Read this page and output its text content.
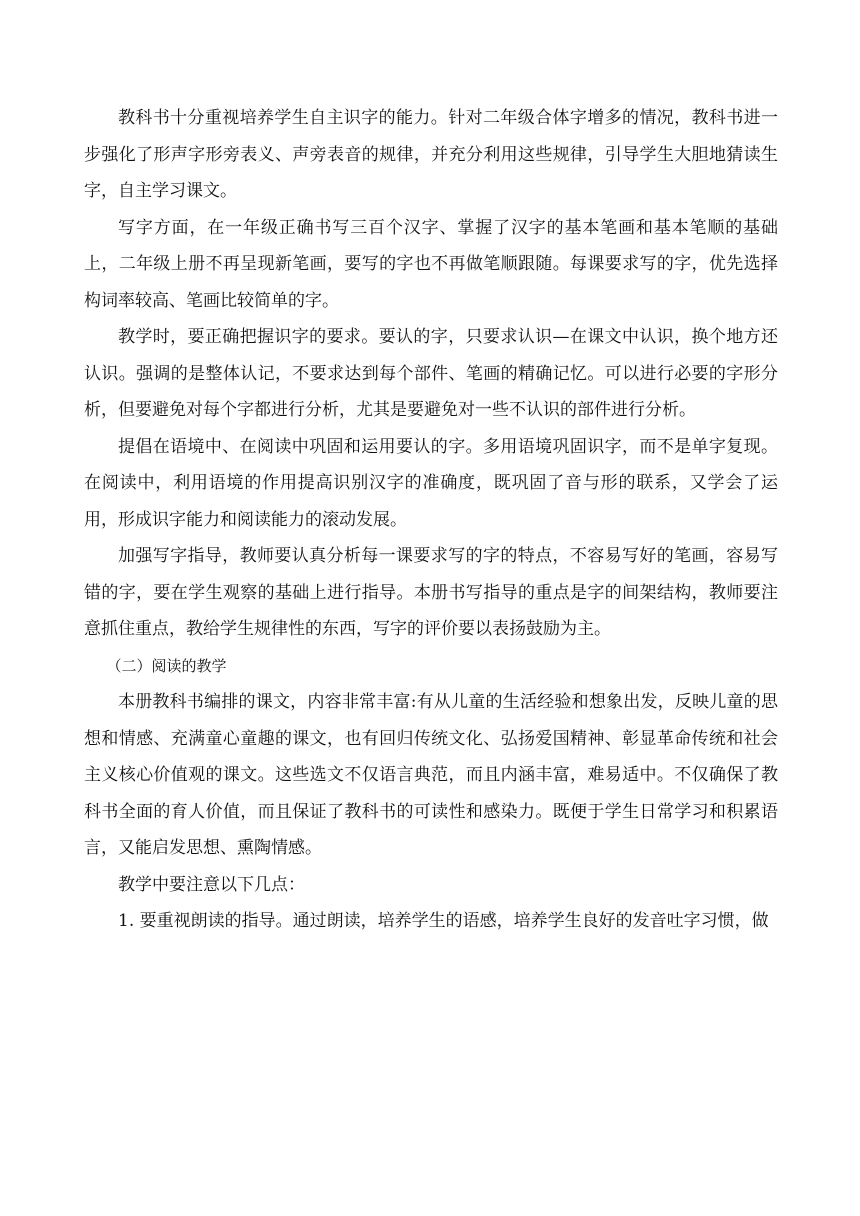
教科书十分重视培养学生自主识字的能力。针对二年级合体字增多的情况，教科书进一步强化了形声字形旁表义、声旁表音的规律，并充分利用这些规律，引导学生大胆地猜读生字，自主学习课文。

写字方面，在一年级正确书写三百个汉字、掌握了汉字的基本笔画和基本笔顺的基础上，二年级上册不再呈现新笔画，要写的字也不再做笔顺跟随。每课要求写的字，优先选择构词率较高、笔画比较简单的字。

教学时，要正确把握识字的要求。要认的字，只要求认识—在课文中认识，换个地方还认识。强调的是整体认记，不要求达到每个部件、笔画的精确记忆。可以进行必要的字形分析，但要避免对每个字都进行分析，尤其是要避免对一些不认识的部件进行分析。

提倡在语境中、在阅读中巩固和运用要认的字。多用语境巩固识字，而不是单字复现。在阅读中，利用语境的作用提高识别汉字的准确度，既巩固了音与形的联系，又学会了运用，形成识字能力和阅读能力的滚动发展。

加强写字指导，教师要认真分析每一课要求写的字的特点，不容易写好的笔画，容易写错的字，要在学生观察的基础上进行指导。本册书写指导的重点是字的间架结构，教师要注意抓住重点，教给学生规律性的东西，写字的评价要以表扬鼓励为主。

（二）阅读的教学

本册教科书编排的课文，内容非常丰富:有从儿童的生活经验和想象出发，反映儿童的思想和情感、充满童心童趣的课文，也有回归传统文化、弘扬爱国精神、彰显革命传统和社会主义核心价值观的课文。这些选文不仅语言典范，而且内涵丰富，难易适中。不仅确保了教科书全面的育人价值，而且保证了教科书的可读性和感染力。既便于学生日常学习和积累语言，又能启发思想、熏陶情感。

教学中要注意以下几点：

1. 要重视朗读的指导。通过朗读，培养学生的语感，培养学生良好的发音吐字习惯，做
